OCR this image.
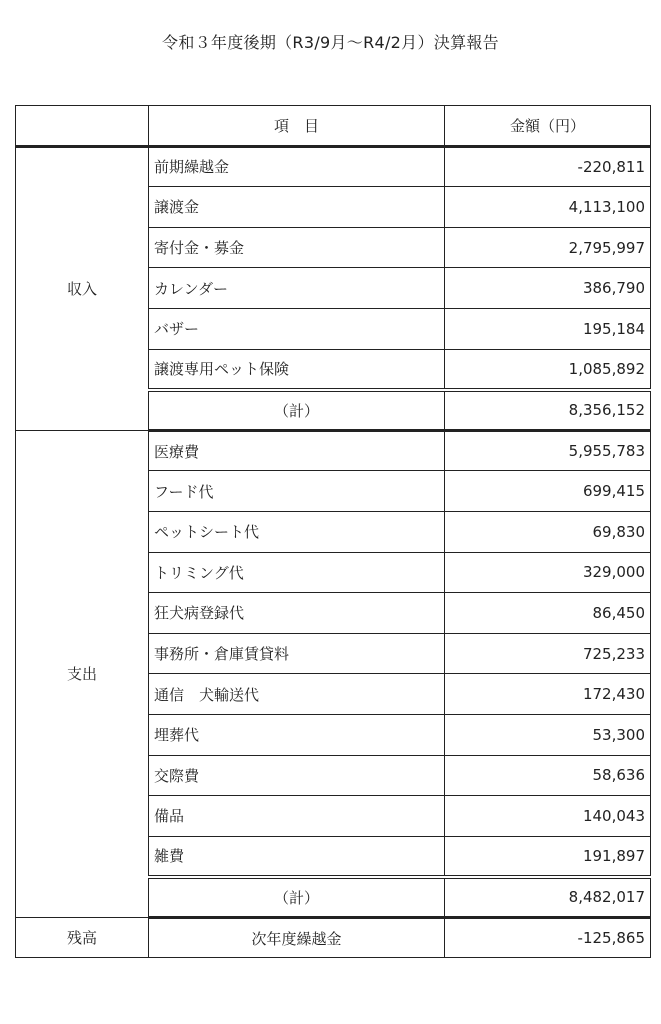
令和３年度後期（R3/9月～R4/2月）決算報告
	項　目	金額（円）
収入	前期繰越金	-220,811
	譲渡金	4,113,100
	寄付金・募金	2,795,997
	カレンダー	386,790
	バザー	195,184
	譲渡専用ペット保険	1,085,892
	（計）	8,356,152
支出	医療費	5,955,783
	フード代	699,415
	ペットシート代	69,830
	トリミング代	329,000
	狂犬病登録代	86,450
	事務所・倉庫賃貸料	725,233
	通信　犬輸送代	172,430
	埋葬代	53,300
	交際費	58,636
	備品	140,043
	雑費	191,897
	（計）	8,482,017
残高	次年度繰越金	-125,865
